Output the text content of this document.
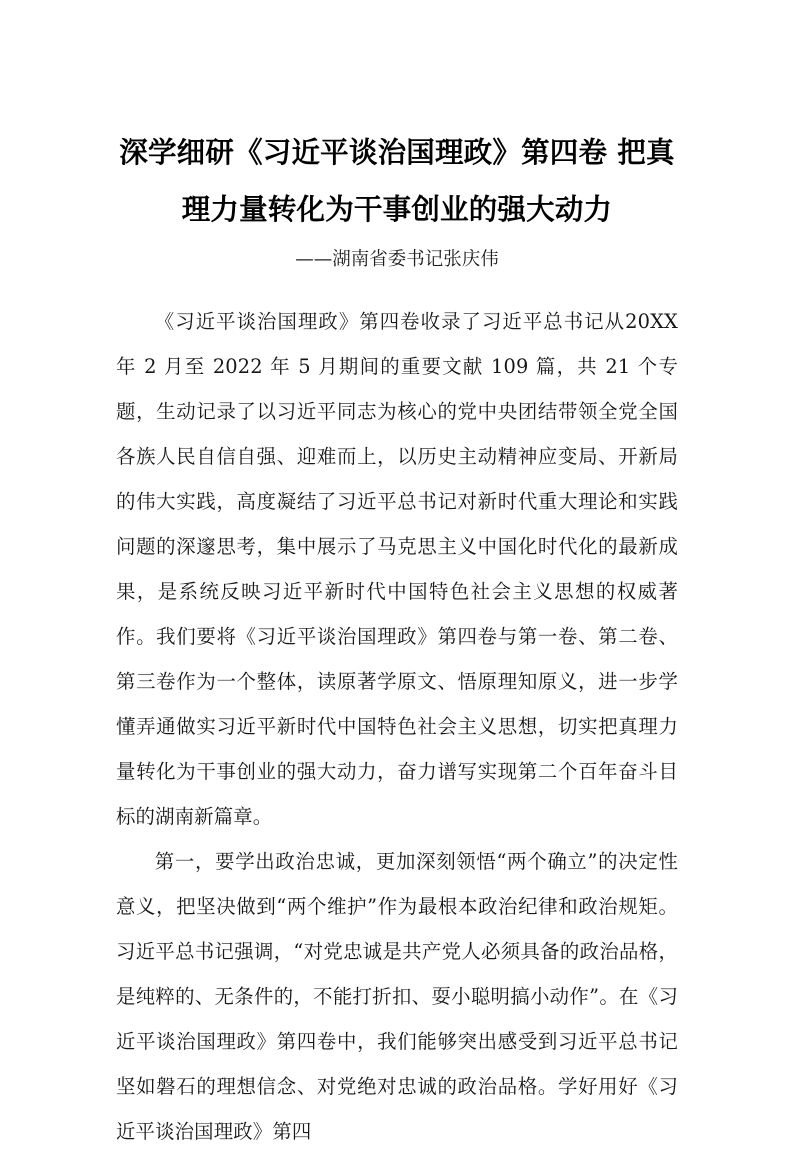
深学细研《习近平谈治国理政》第四卷 把真理力量转化为干事创业的强大动力
——湖南省委书记张庆伟

《习近平谈治国理政》第四卷收录了习近平总书记从20XX 年 2 月至 2022 年 5 月期间的重要文献 109 篇，共 21 个专题，生动记录了以习近平同志为核心的党中央团结带领全党全国各族人民自信自强、迎难而上，以历史主动精神应变局、开新局的伟大实践，高度凝结了习近平总书记对新时代重大理论和实践问题的深邃思考，集中展示了马克思主义中国化时代化的最新成果，是系统反映习近平新时代中国特色社会主义思想的权威著作。我们要将《习近平谈治国理政》第四卷与第一卷、第二卷、第三卷作为一个整体，读原著学原文、悟原理知原义，进一步学懂弄通做实习近平新时代中国特色社会主义思想，切实把真理力量转化为干事创业的强大动力，奋力谱写实现第二个百年奋斗目标的湖南新篇章。

第一，要学出政治忠诚，更加深刻领悟“两个确立”的决定性意义，把坚决做到“两个维护”作为最根本政治纪律和政治规矩。习近平总书记强调，“对党忠诚是共产党人必须具备的政治品格，是纯粹的、无条件的，不能打折扣、耍小聪明搞小动作”。在《习近平谈治国理政》第四卷中，我们能够突出感受到习近平总书记坚如磐石的理想信念、对党绝对忠诚的政治品格。学好用好《习近平谈治国理政》第四
